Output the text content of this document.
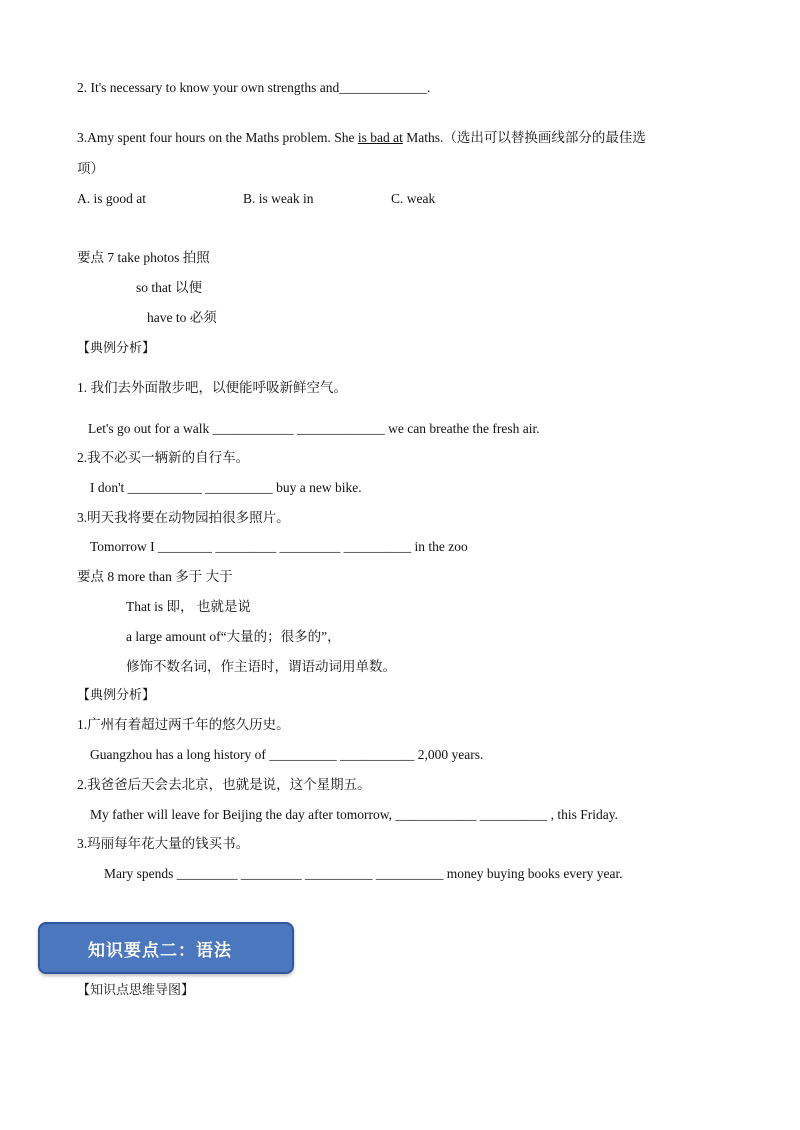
2. It's necessary to know your own strengths and_____________.
3.Amy spent four hours on the Maths problem. She is bad at Maths.（选出可以替换画线部分的最佳选
项）
A. is good at	B. is weak in	C. weak
要点 7 take photos 拍照
so that 以便
have to 必须
【典例分析】
1. 我们去外面散步吧，以便能呼吸新鲜空气。
Let's go out for a walk ____________ _____________ we can breathe the fresh air.
2.我不必买一辆新的自行车。
I don't ___________ __________ buy a new bike.
3.明天我将要在动物园拍很多照片。
Tomorrow I ________ _________ _________ __________ in the zoo
要点 8 more than 多于 大于
That is 即， 也就是说
a large amount of“大量的；很多的”，
修饰不数名词，作主语时，谓语动词用单数。
【典例分析】
1.广州有着超过两千年的悠久历史。
Guangzhou has a long history of __________ ___________ 2,000 years.
2.我爸爸后天会去北京，也就是说，这个星期五。
My father will leave for Beijing the day after tomorrow, ____________ __________ , this Friday.
3.玛丽每年花大量的钱买书。
Mary spends _________ _________ __________ __________ money buying books every year.
知识要点二：语法
【知识点思维导图】
